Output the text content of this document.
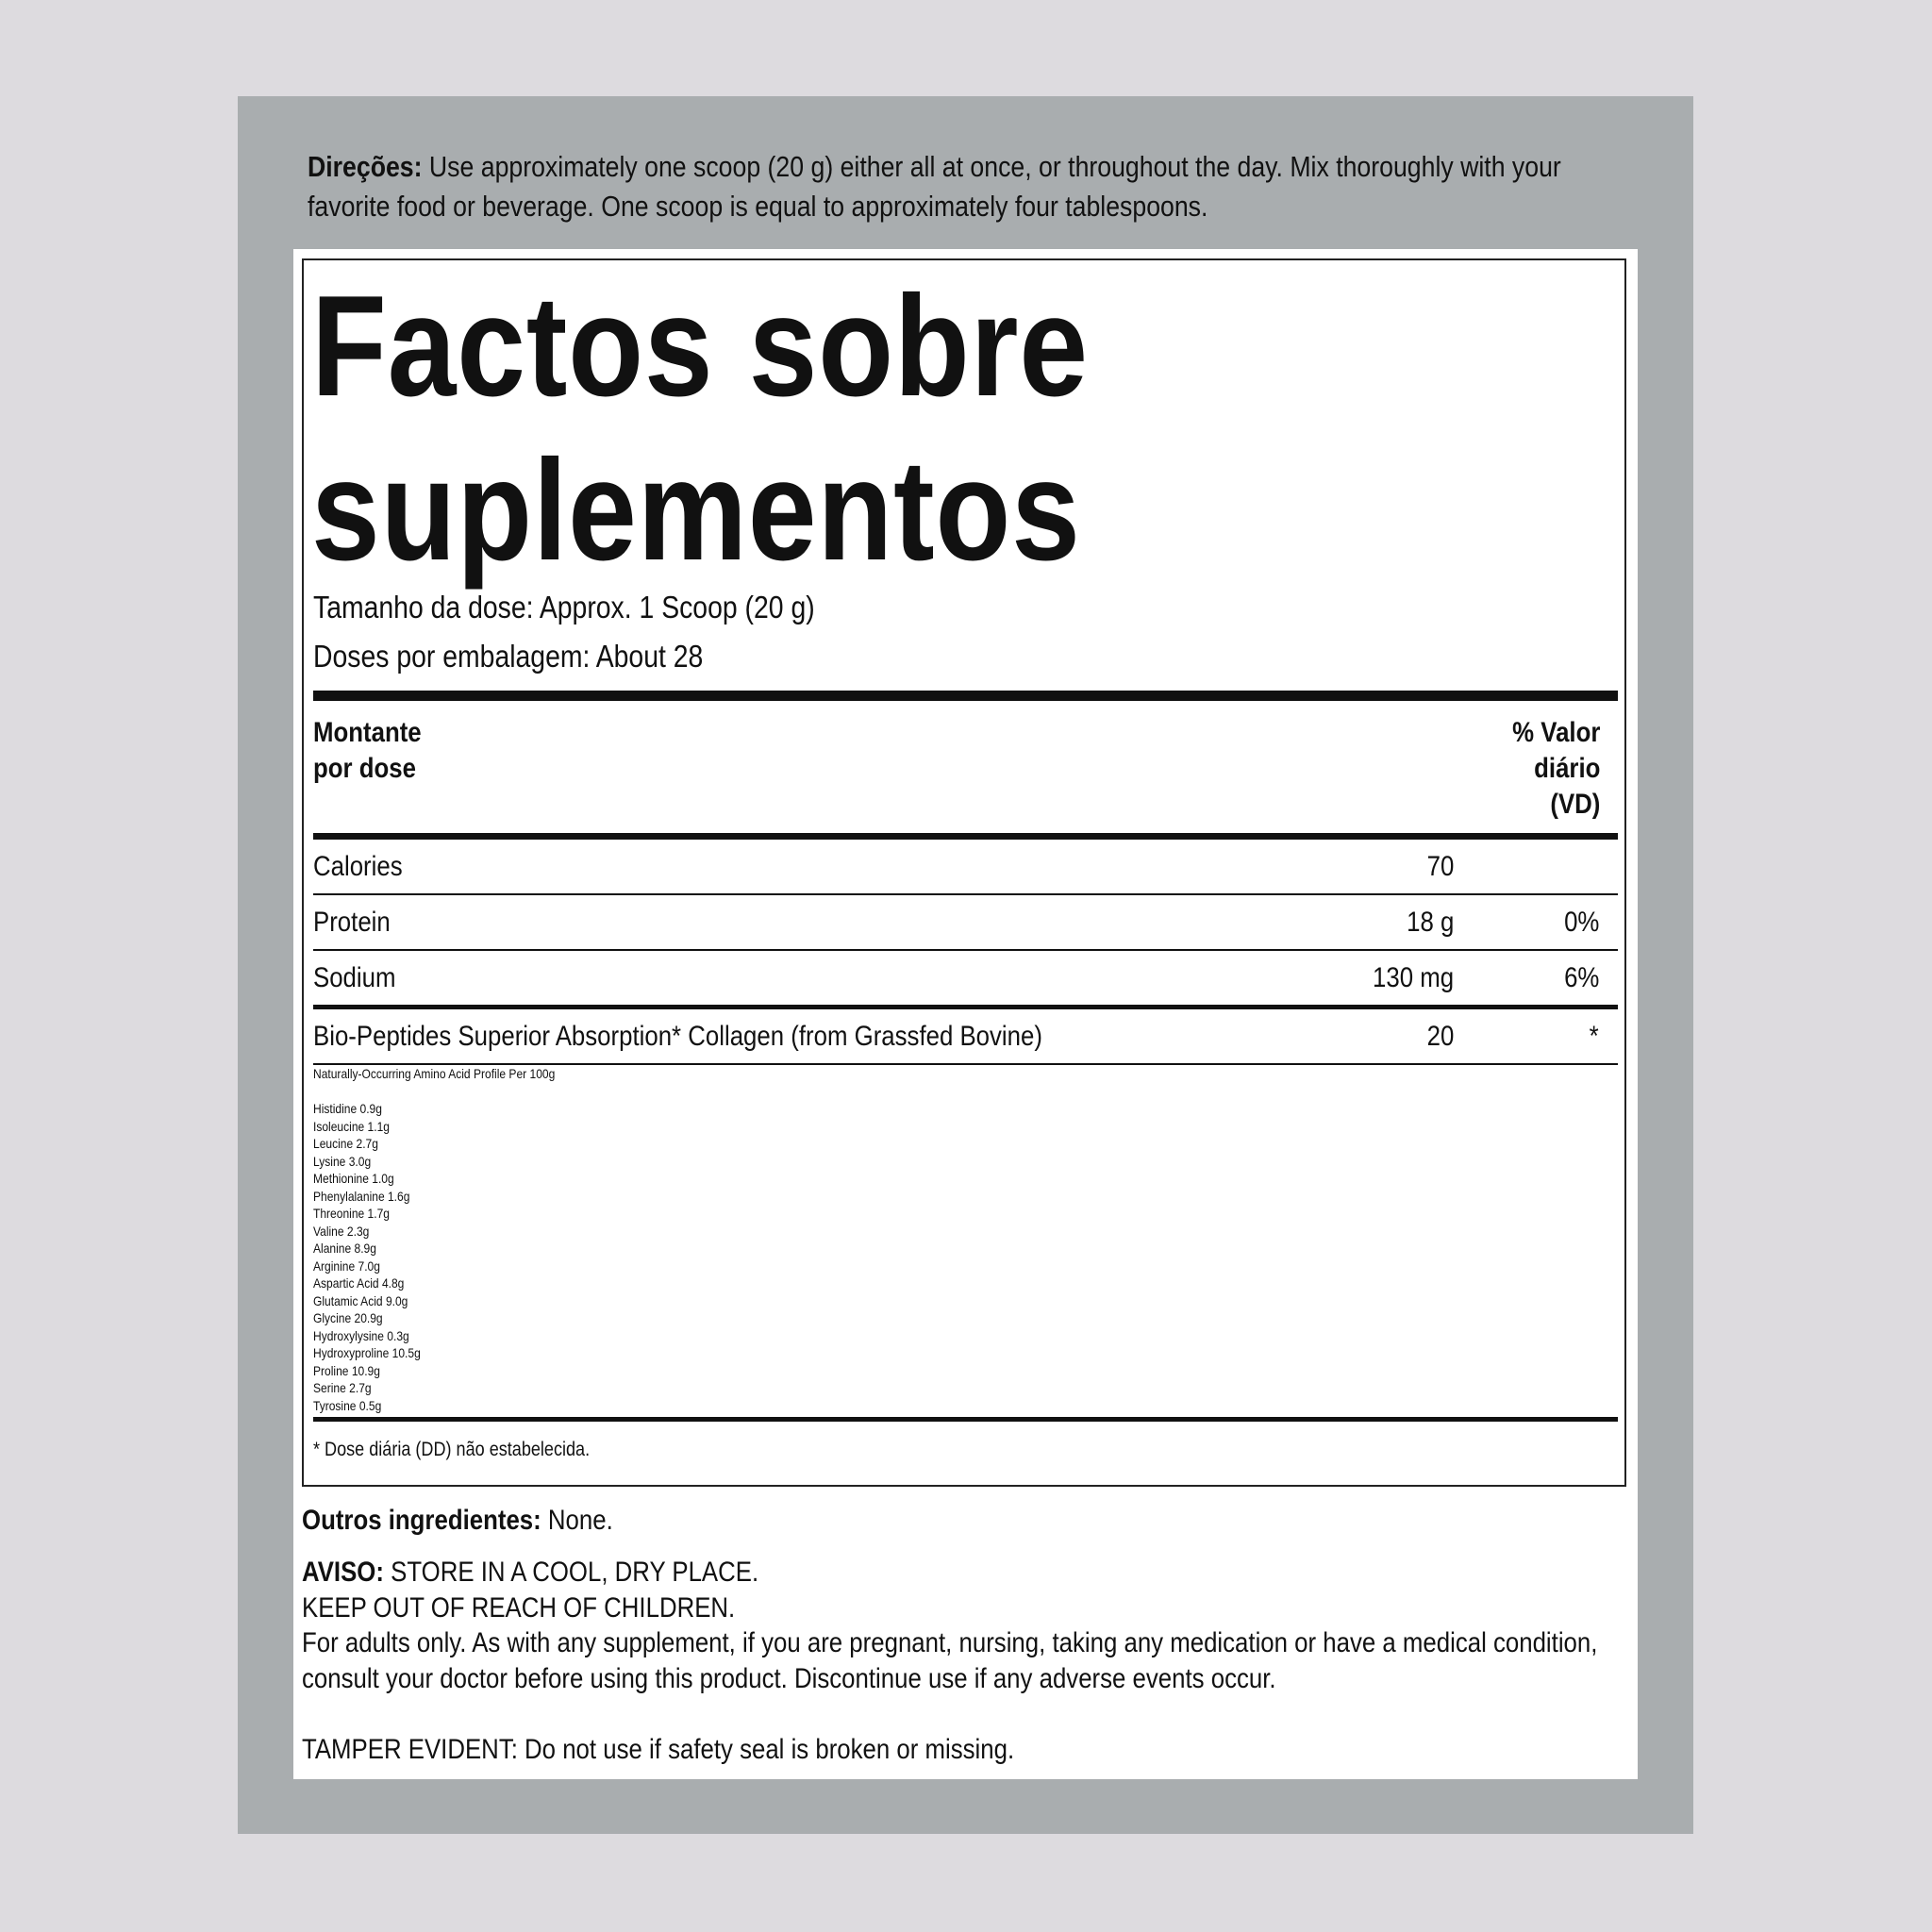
Direções: Use approximately one scoop (20 g) either all at once, or throughout the day. Mix thoroughly with your favorite food or beverage. One scoop is equal to approximately four tablespoons.
Factos sobre
suplementos
Tamanho da dose: Approx. 1 Scoop (20 g)
Doses por embalagem: About 28
Montante
por dose
% Valor
diário
(VD)
Calories	70
Protein	18 g	0%
Sodium	130 mg	6%
Bio-Peptides Superior Absorption* Collagen (from Grassfed Bovine)	20	*
Naturally-Occurring Amino Acid Profile Per 100g
Histidine 0.9g
Isoleucine 1.1g
Leucine 2.7g
Lysine 3.0g
Methionine 1.0g
Phenylalanine 1.6g
Threonine 1.7g
Valine 2.3g
Alanine 8.9g
Arginine 7.0g
Aspartic Acid 4.8g
Glutamic Acid 9.0g
Glycine 20.9g
Hydroxylysine 0.3g
Hydroxyproline 10.5g
Proline 10.9g
Serine 2.7g
Tyrosine 0.5g
* Dose diária (DD) não estabelecida.
Outros ingredientes: None.

AVISO: STORE IN A COOL, DRY PLACE.

KEEP OUT OF REACH OF CHILDREN.

For adults only. As with any supplement, if you are pregnant, nursing, taking any medication or have a medical condition, consult your doctor before using this product. Discontinue use if any adverse events occur.

TAMPER EVIDENT: Do not use if safety seal is broken or missing.
